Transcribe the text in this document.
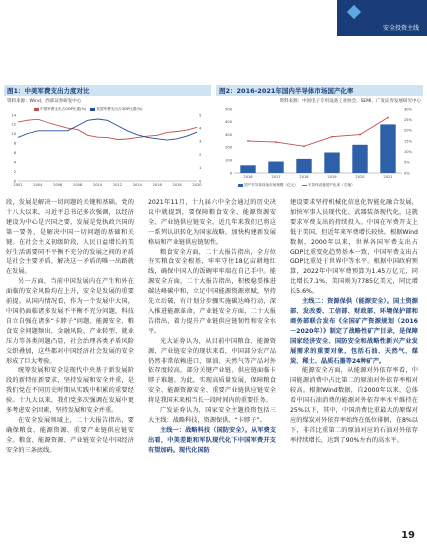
安全投资主线
图1：中美军费支出力度对比
资料来源：Wind，西部证券研发中心
中国军费支出占GDP比重(%)	美国军费支出占GDP比重(%)
0
2
4
6
8
10
12
14
0
1
2
3
4
5
2002	2004	2006	2008	2010	2012	2014	2016	2018	2020
图2：2016-2021年国内半导体市场国产化率
资料来源：中国电子专用设备工业协会，SEMI，广发证券发展研究中心
国产半导体设备市场规模（亿元）	半导体设备国产化率（右轴）
0
100
200
300
400
500
0%
5%
10%
15%
20%
25%
30%
2016	2017	2018	2019	2020	2021

段，发展是解决一切问题的关键和基础。党的十八大以来，习近平总书记多次强调，以经济建设为中心是兴国之要，发展是党执政兴国的第一要务，是解决中国一切问题的基础和关键。在社会主义初级阶段，人民日益增长的美好生活需要同不平衡不充分的发展之间的矛盾是社会主要矛盾，解决这一矛盾的唯一出路就在发展。

另一方面，当前中国发展内在产生和外在面临的安全风险均在上升，安全是发展的重要前提。从国内情况看，作为一个发展中大国，中国仍面临诸多发展不平衡不充分问题，科技自立自强在诸多“卡脖子”问题、能源安全、粮食安全问题频出，金融风险、产业转型、就业压力等各类问题凸显，社会治理各类矛盾风险交织叠加，这些都对中国经济社会发展的安全形成了巨大考验。

统筹发展和安全是现代中央基于新发展阶段的新特征新要求，坚持发展和安全并重，是我们党在不同历史时期从实践中积累的重要经验。十九大以来，我们党多次强调在发展中更多考虑安全因素，坚持发展和安全并重。

在安全发展领域上，二十大报告指出，要确保粮食、能源资源、重要产业链供应链安全。粮食、能源资源、产业链安全是中国经济安全的三条底线。

2021年11月，十九届六中全会通过的历史决议中就提到，要保障粮食安全、能源资源安全、产业链供应链安全。近几年来我们已将这一系列认识转化为国家战略，加快构建新发展格局和产业链供应链韧性。

粮食安全方面，二十大报告指出，全方位夯实粮食安全根基，牢牢守住18亿亩耕地红线，确保中国人的饭碗牢牢端在自己手中。能源安全方面，二十大报告指出，积极稳妥推进碳达峰碳中和，立足中国能源资源禀赋，坚持先立后破，有计划分步骤实施碳达峰行动，深入推进能源革命。产业链安全方面，二十大报告指出，着力提升产业链供应链韧性和安全水平。

光大证券认为，从目前中国粮食、能源资源、产业链安全的现状来看，中国部分农产品仍然非常依赖进口，原油、天然气等产品对外依存度较高，部分关键产业链、供应链面临卡脖子难题。为此，实现高质量发展，保障粮食安全、能源资源安全、重要产业链供应链安全将是我国未来相当长一段时间内的重要任务。

广发证券认为，国家安全主题投资包括三大主线：战略科技，资源保供，“卡脖子”。

主线一：战略科技（国防安全）。从军费支出看，中美差距和军队现代化下中国军费开支有望加码。现代化国防

建设要求坚持机械化信息化智能化融合发展，加快军事人员现代化、武器装备现代化，这就要求军费支出的持续投入。中国在军费开支上低于美国，但近年来军费增长较快。根据Wind数据，2000年以来，世界各国军费支出占GDP比重变化趋势基本一致，中国军费支出占GDP比重处于世界中等水平。根据中国政府预算，2022年中国军费预算为1.45万亿元，同比增长7.1%，美国则为7785亿美元，同比增长5.6%。

主线二：资源保供（能源安全）。国土资源部、发改委、工信部、财政部、环境保护部和商务部联合发布《全国矿产资源规划（2016－2020年）》制定了战略性矿产目录，是保障国家经济安全、国防安全和战略性新兴产业发展需求的重要对象，包括石油、天然气、煤炭、稀土、晶质石墨等24种矿产。

能源安全方面，从能源对外依存率看，中国能源消费中占比第二的原油对外依存率相对较高。根据Wind数据，自2000年以来，总体看中国石油消费的能源对外依存率水平维持在25%以下，其中，中国消费比重最大的原煤对应的煤炭对外依存率始终在低位徘徊，在8%以下，非首比重第二的原油对应的石油对外依存率持续增长，达到了90%左右的高水平。

19
